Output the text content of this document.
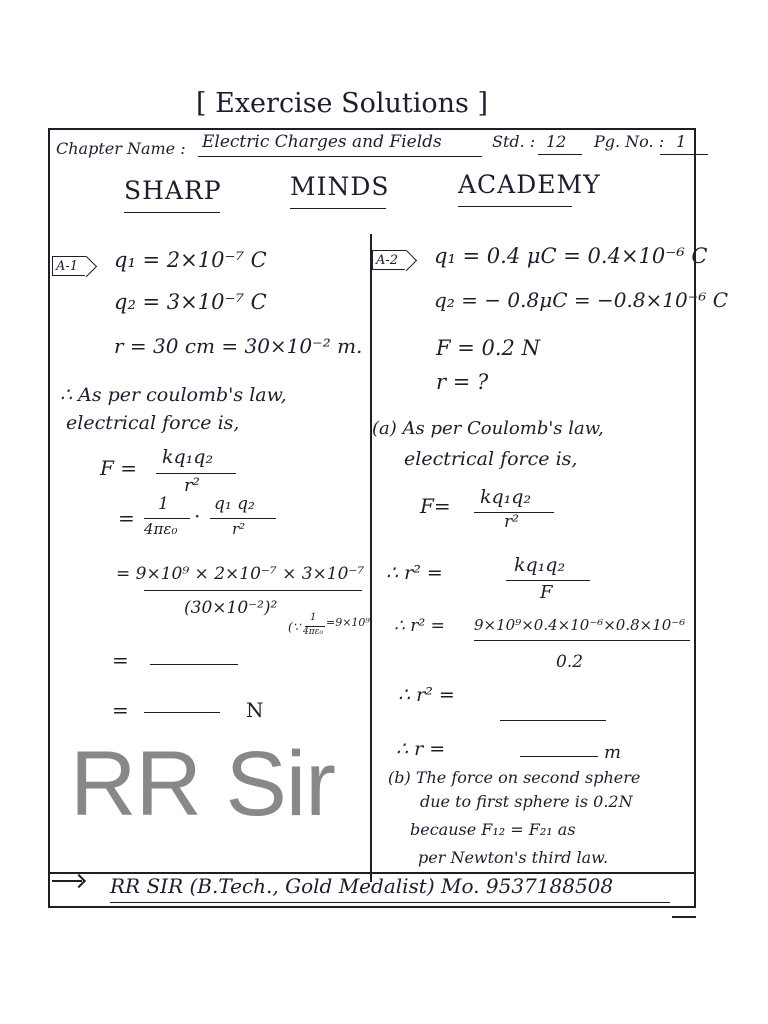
[ Exercise Solutions ]
Chapter Name : Electric Charges and Fields	Std. : 12 Pg. No. : 1
SHARP	MINDS	ACADEMY
A-1	q₁ = 2×10⁻⁷ C
q₂ = 3×10⁻⁷ C
r = 30 cm = 30×10⁻² m.
∴ As per coulomb's law,
electrical force is,
F = kq₁q₂
r²
=
1
4πε₀
· q₁ q₂
r²
= 9×10⁹ × 2×10⁻⁷ × 3×10⁻⁷
(30×10⁻²)²
(∵
1
4πε₀
=9×10⁹
=
=	N
A-2	q₁ = 0.4 μC = 0.4×10⁻⁶ C
q₂ = − 0.8μC = −0.8×10⁻⁶ C
F = 0.2 N
r = ?
(a) As per Coulomb's law,
electrical force is,
F= kq₁q₂
r²
∴ r² =	kq₁q₂
F
∴ r² = 9×10⁹×0.4×10⁻⁶×0.8×10⁻⁶
0.2
∴ r² =
∴ r =	m
(b) The force on second sphere
due to first sphere is 0.2N
because F₁₂ = F₂₁ as
per Newton's third law.
RR Sir
RR SIR (B.Tech., Gold Medalist) Mo. 9537188508
